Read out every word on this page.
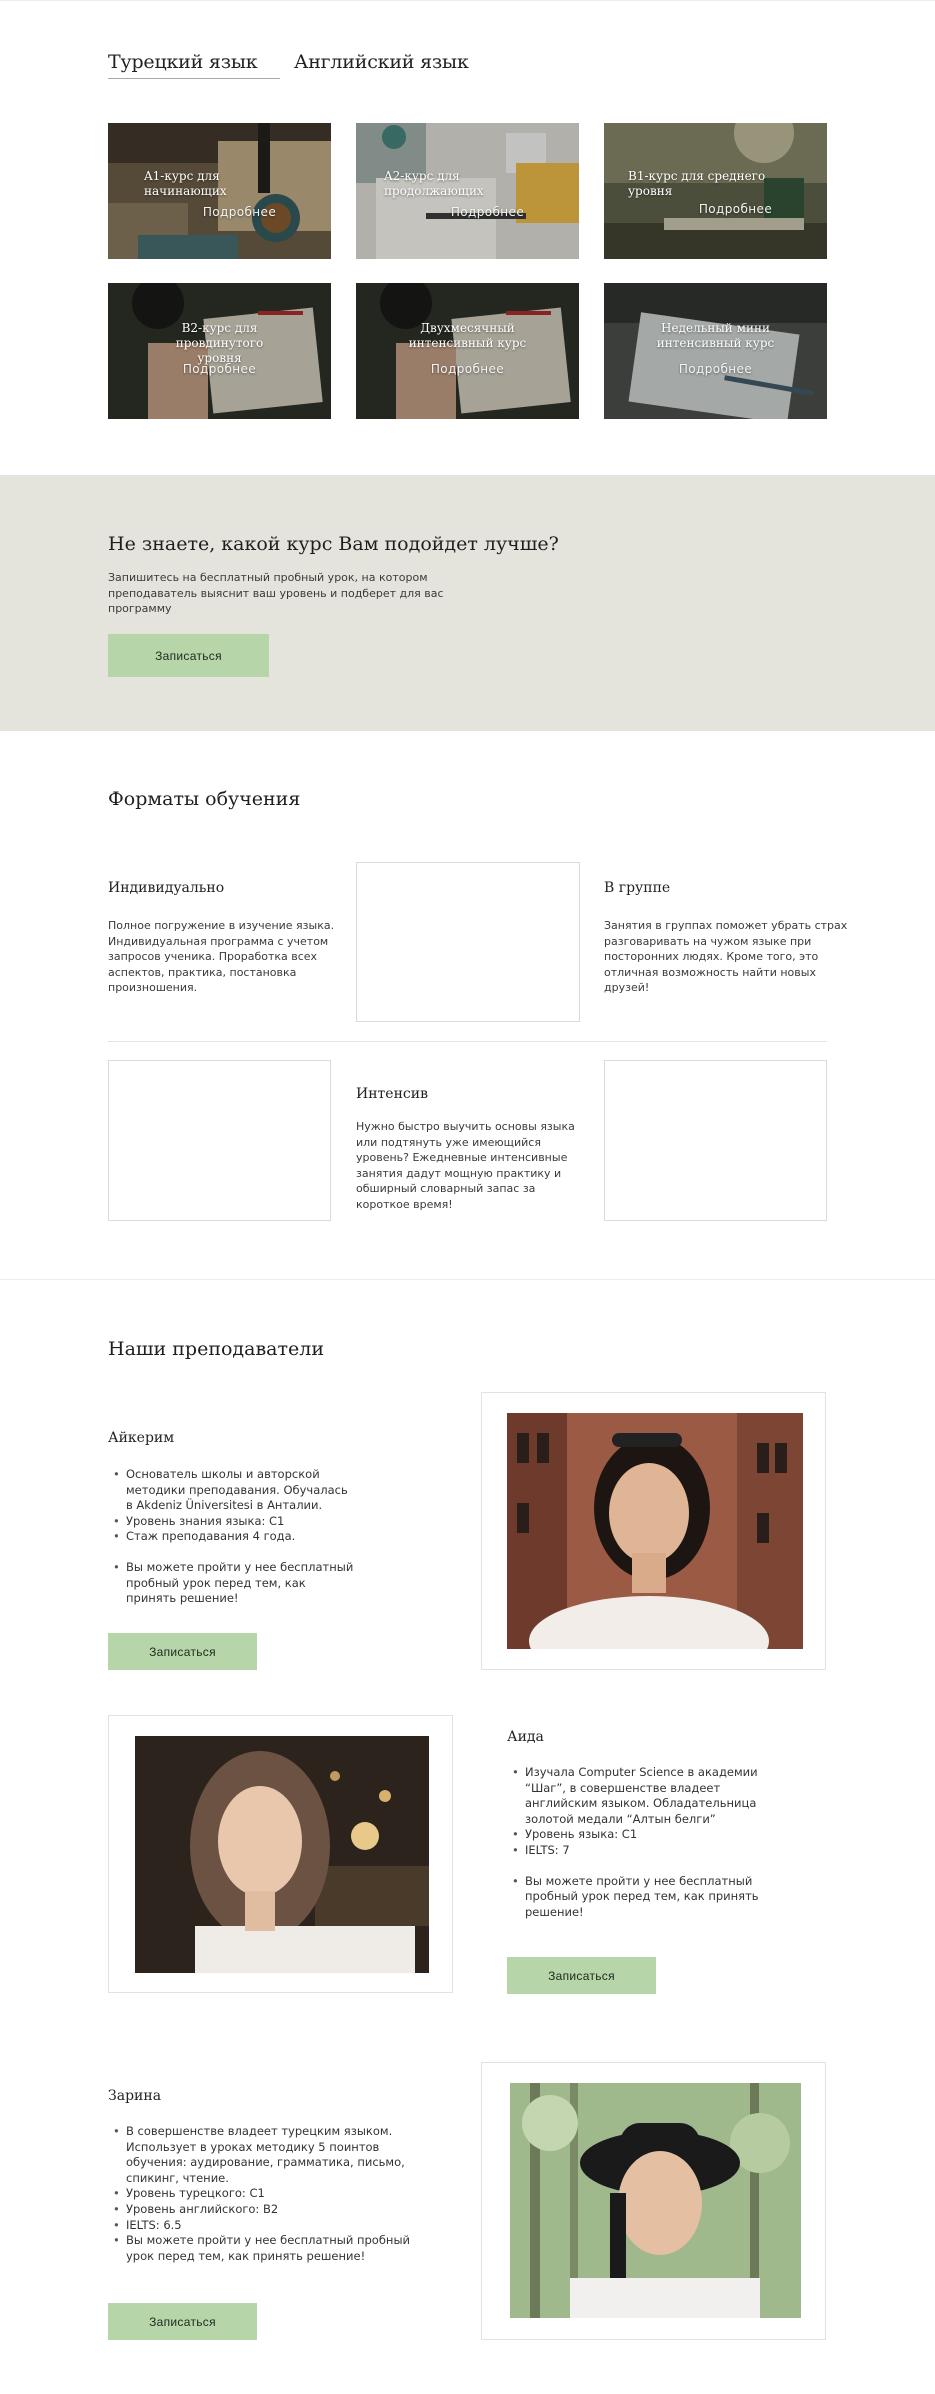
Турецкий язык	Английский язык
A1-курс для начинающих
Подробнее
A2-курс для продолжающих
Подробнее
B1-курс для среднего уровня
Подробнее
B2-курс для провдинутого уровня
Подробнее
Двухмесячный интенсивный курс
Подробнее
Недельный мини интенсивный курс
Подробнее
Не знаете, какой курс Вам подойдет лучше?
Запишитесь на бесплатный пробный урок, на котором преподаватель выяснит ваш уровень и подберет для вас программу
Записаться
Форматы обучения
Индивидуально
Полное погружение в изучение языка. Индивидуальная программа с учетом запросов ученика. Проработка всех аспектов, практика, постановка произношения.
В группе
Занятия в группах поможет убрать страх разговаривать на чужом языке при посторонних людях. Кроме того, это отличная возможность найти новых друзей!
Интенсив
Нужно быстро выучить основы языка или подтянуть уже имеющийся уровень? Ежедневные интенсивные занятия дадут мощную практику и обширный словарный запас за короткое время!
Наши преподаватели
Айкерим
• Основатель школы и авторской методики преподавания. Обучалась в Akdeniz Üniversitesi в Анталии.
• Уровень знания языка: C1
• Стаж преподавания 4 года.
• Вы можете пройти у нее бесплатный пробный урок перед тем, как принять решение!
Записаться
Аида
• Изучала Computer Science в академии “Шаг”, в совершенстве владеет английским языком. Обладательница золотой медали “Алтын белги”
• Уровень языка: C1
• IELTS: 7
• Вы можете пройти у нее бесплатный пробный урок перед тем, как принять решение!
Записаться
Зарина
• В совершенстве владеет турецким языком. Использует в уроках методику 5 поинтов обучения: аудирование, грамматика, письмо, спикинг, чтение.
• Уровень турецкого: C1
• Уровень английского: B2
• IELTS: 6.5
• Вы можете пройти у нее бесплатный пробный урок перед тем, как принять решение!
Записаться
